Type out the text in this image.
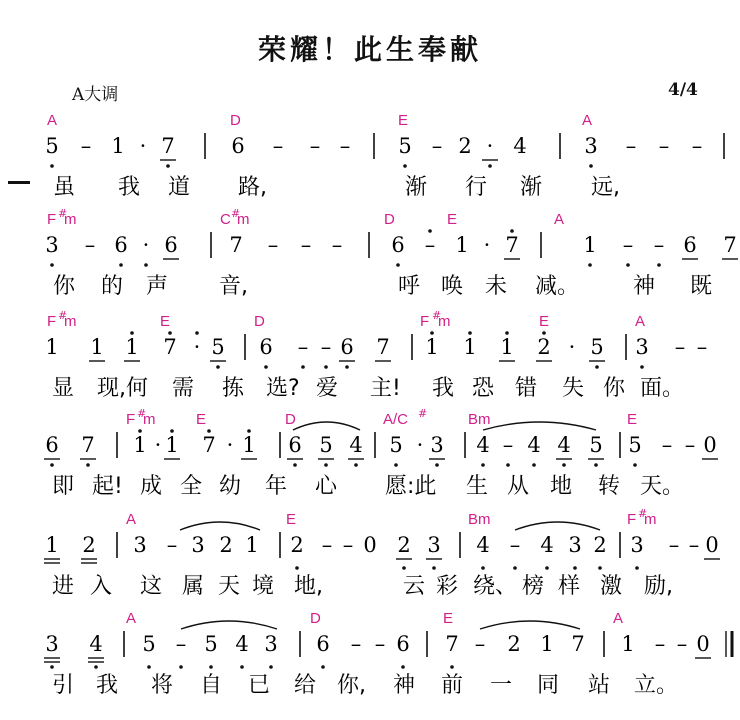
荣耀！此生奉献
A大调	4/4
A	D	E	A
5 – 1 · 7	6 – – – 5 – 2 · 4	3 – – –
虽 我 道 路,	渐 行 渐 远,
F #
m	C #
m	D	E	A
3 – 6 · 6 7 – – – 6 – 1 · 7	1 – – 6 7
你 的 声 音,	呼 唤 未 减。 神 既
F #
m	E	D	F #
m	E	A
1 1 1 7 · 5 6 – – 6 7 1 1 1 2 · 5 3 – –
显 现,何 需 拣 选? 爱 主! 我 恐 错 失 你 面。
F #
m	E	D	A/C #	Bm	E
6 7 1 · 1 7 · 1 6 5 4 5 · 3 4 – 4 4 5 5 – – 0
即 起! 成 全 幼 年 心 愿:此 生 从 地 转 天。
A	E	Bm	F #
m
1 2 3 – 3 2 1 2 – – 0 2 3 4 – 4 3 2 3 – – 0
进 入 这 属 天 境 地,	云 彩 绕、 榜 样 激 励,
A	D	E	A
3 4 5 – 5 4 3 6 – – 6 7 – 2 1 7 1 – – 0
引 我 将 自 已 给 你, 神 前 一 同 站 立。
